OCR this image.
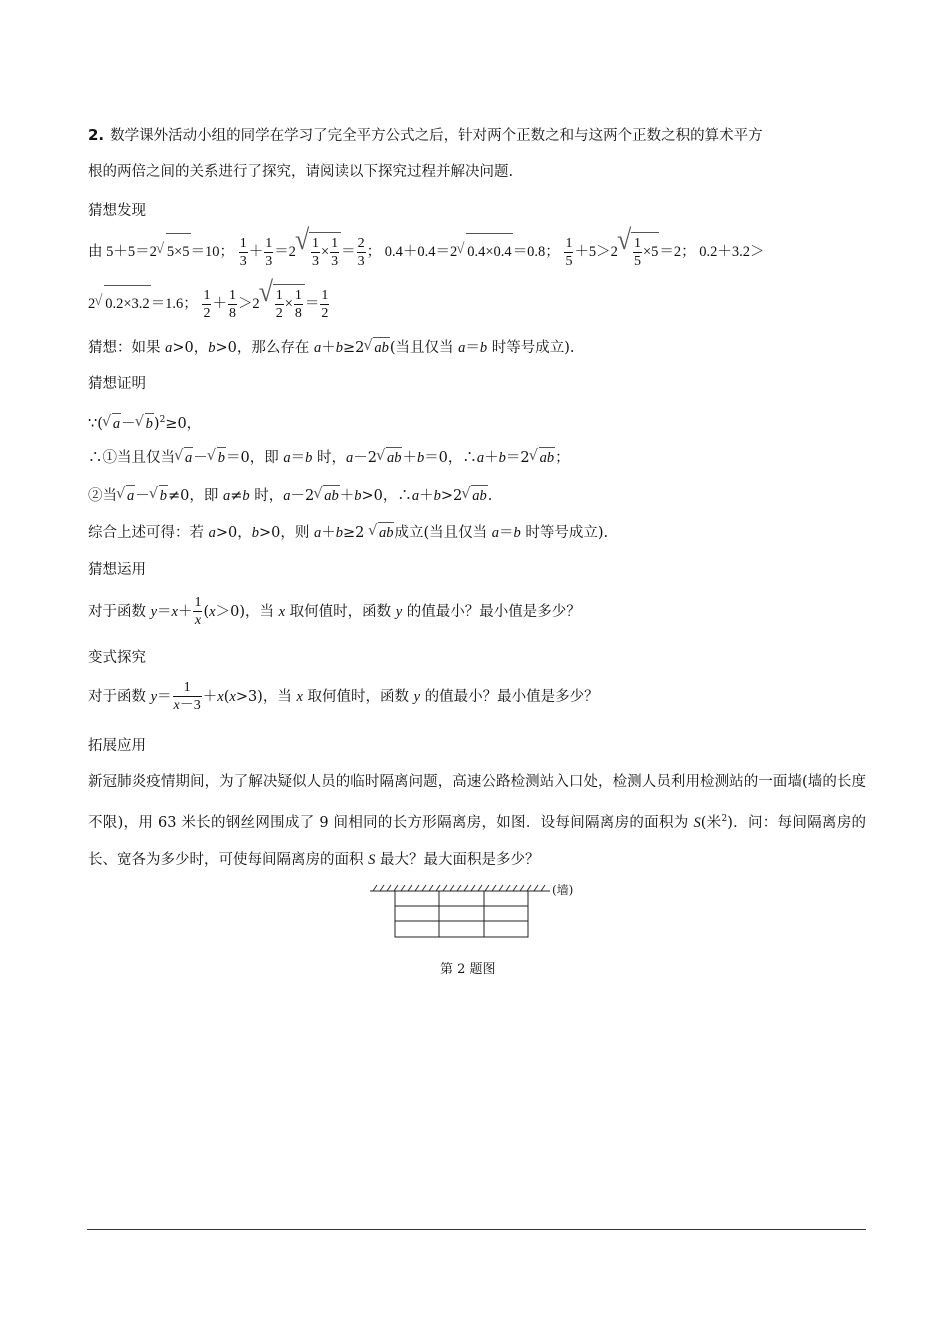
2. 数学课外活动小组的同学在学习了完全平方公式之后，针对两个正数之和与这两个正数之积的算术平方
根的两倍之间的关系进行了探究，请阅读以下探究过程并解决问题.
猜想发现
由 5＋5＝2 √ 5×5＝10； $\frac{1}{3} + \frac{1}{3} =2$ √ $\frac{1}{3} \times \frac{1}{3} = \frac{2}{3}$ ； 0.4＋0.4＝2 √ 0.4×0.4＝0.8； $\frac{1}{5} +5>2$ √ $\frac{1}{5} \times 5=2$； 0.2＋3.2＞
2 √ 0.2×3.2＝1.6； $\frac{1}{2} + \frac{1}{8} >2$ √ $\frac{1}{2} \times \frac{1}{8} = \frac{1}{2}$
猜想：如果 a>0，b>0，那么存在 a＋b≥2 √ ab(当且仅当 a＝b 时等号成立).
猜想证明
∵( √ a－ √ b)$^2$≥0，
∴①当且仅当 √ a－ √ b＝0，即 a＝b 时，a－2 √ ab＋b＝0，∴a＋b＝2 √ ab；
②当 √ a－ √ b≠0，即 a≠b 时，a－2 √ ab＋b>0，∴a＋b>2 √ ab.
综合上述可得：若 a>0，b>0，则 a＋b≥2 √ ab成立(当且仅当 a＝b 时等号成立).
猜想运用
对于函数 $y=x+ \frac{1}{x} (x>0)$，当 x 取何值时，函数 y 的值最小？最小值是多少？
变式探究
对于函数 $y= \frac{1}{x-3} +x(x>3)$，当 x 取何值时，函数 y 的值最小？最小值是多少？
拓展应用
新冠肺炎疫情期间，为了解决疑似人员的临时隔离问题，高速公路检测站入口处，检测人员利用检测站的一面墙(墙的长度不限)，用 63 米长的钢丝网围成了 9 间相同的长方形隔离房，如图．设每间隔离房的面积为 S(米$^2$)．问：每间隔离房的长、宽各为多少时，可使每间隔离房的面积 S 最大？最大面积是多少？
(墙)
第 2 题图
